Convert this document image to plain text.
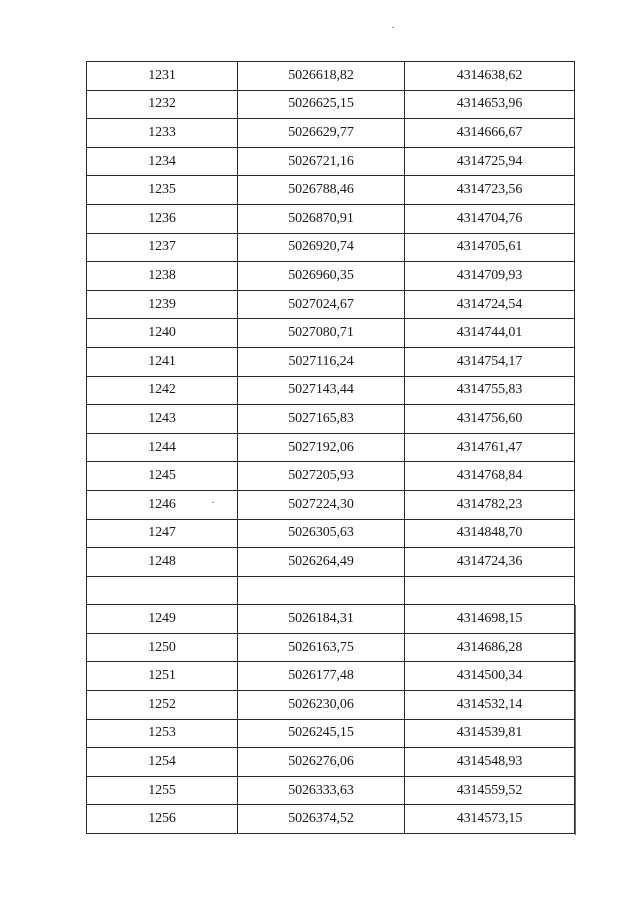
1231	5026618,82	4314638,62
1232	5026625,15	4314653,96
1233	5026629,77	4314666,67
1234	5026721,16	4314725,94
1235	5026788,46	4314723,56
1236	5026870,91	4314704,76
1237	5026920,74	4314705,61
1238	5026960,35	4314709,93
1239	5027024,67	4314724,54
1240	5027080,71	4314744,01
1241	5027116,24	4314754,17
1242	5027143,44	4314755,83
1243	5027165,83	4314756,60
1244	5027192,06	4314761,47
1245	5027205,93	4314768,84
1246	5027224,30	4314782,23
1247	5026305,63	4314848,70
1248	5026264,49	4314724,36

1249	5026184,31	4314698,15
1250	5026163,75	4314686,28
1251	5026177,48	4314500,34
1252	5026230,06	4314532,14
1253	5026245,15	4314539,81
1254	5026276,06	4314548,93
1255	5026333,63	4314559,52
1256	5026374,52	4314573,15
